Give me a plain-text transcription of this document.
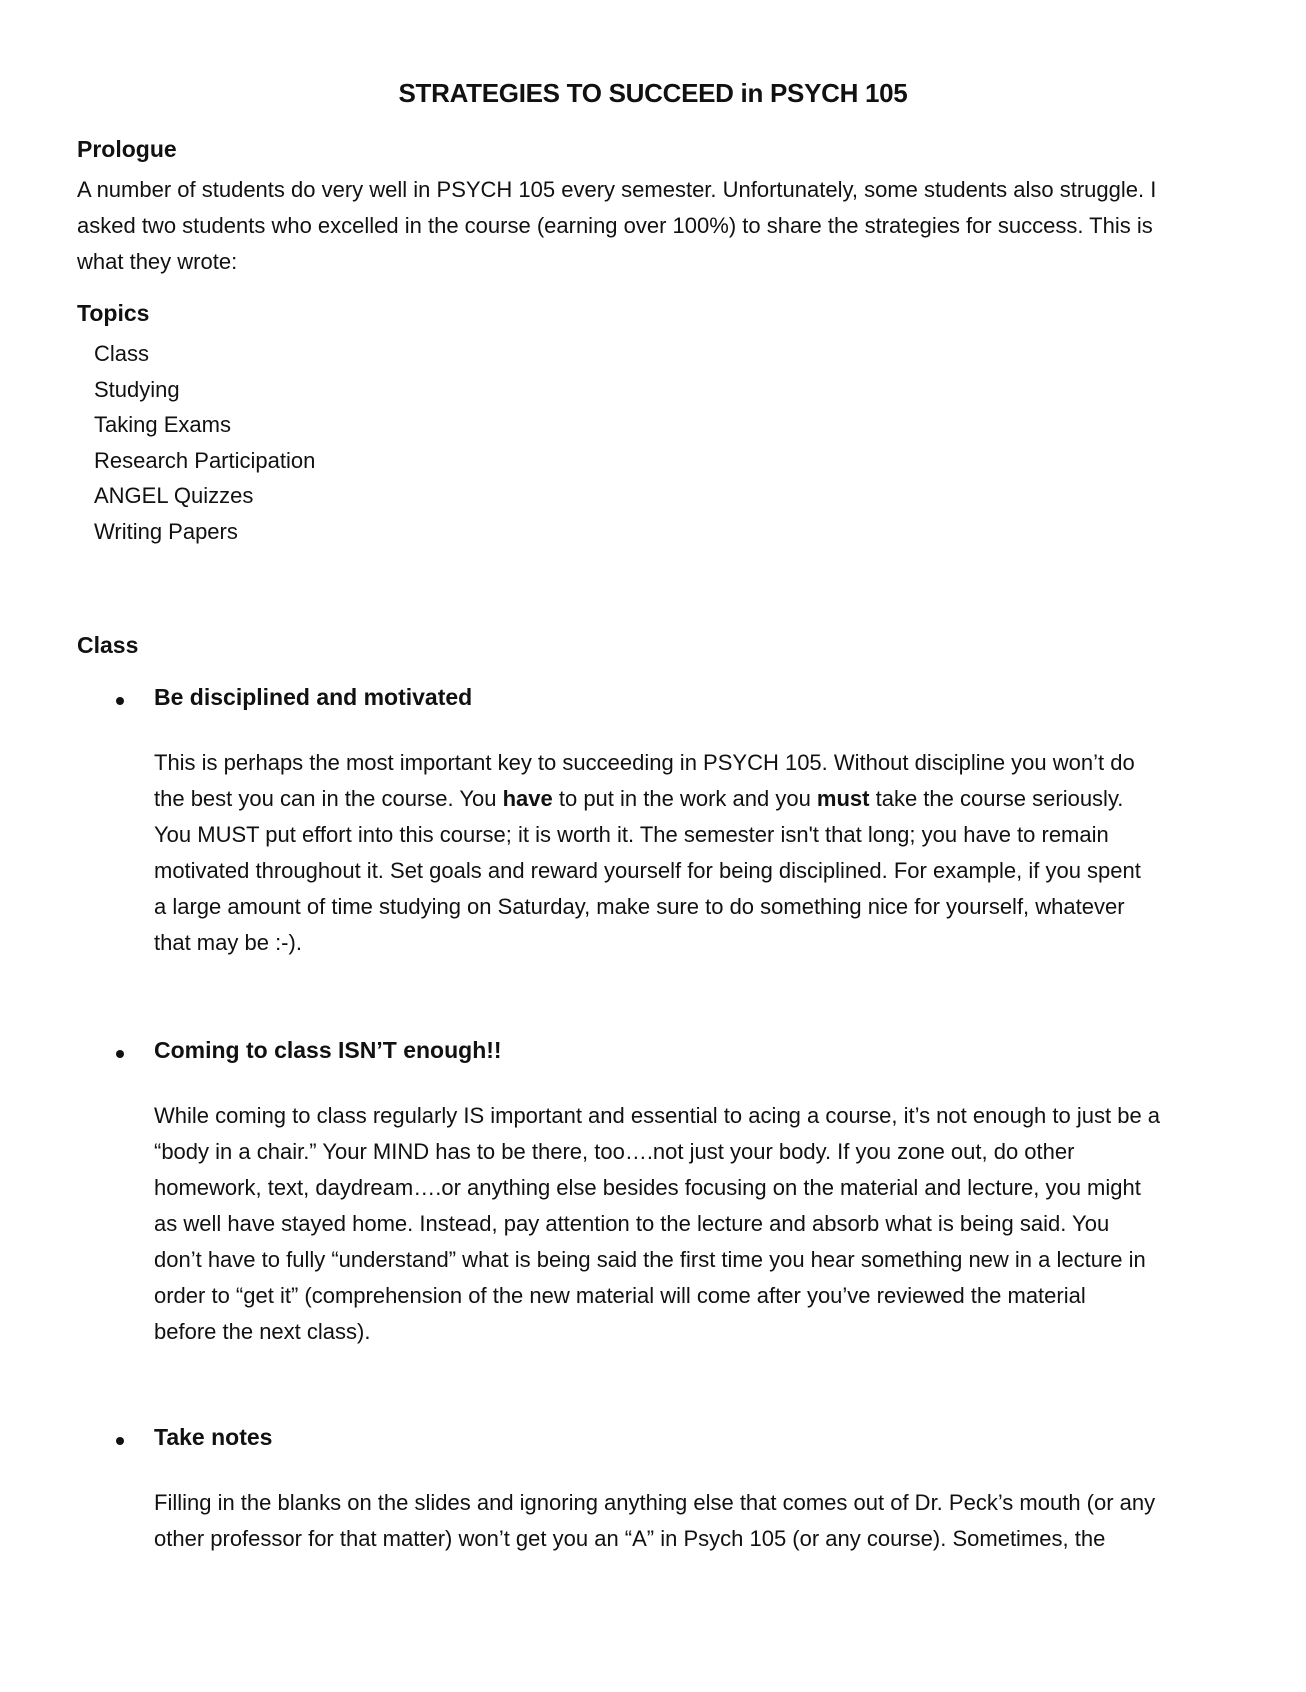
STRATEGIES TO SUCCEED in PSYCH 105
Prologue
A number of students do very well in PSYCH 105 every semester. Unfortunately, some students also struggle. I
asked two students who excelled in the course (earning over 100%) to share the strategies for success. This is
what they wrote:
Topics
Class
Studying
Taking Exams
Research Participation
ANGEL Quizzes
Writing Papers
Class
Be disciplined and motivated
This is perhaps the most important key to succeeding in PSYCH 105. Without discipline you won’t do
the best you can in the course. You have to put in the work and you must take the course seriously.
You MUST put effort into this course; it is worth it. The semester isn't that long; you have to remain
motivated throughout it. Set goals and reward yourself for being disciplined. For example, if you spent
a large amount of time studying on Saturday, make sure to do something nice for yourself, whatever
that may be :-).
Coming to class ISN’T enough!!
While coming to class regularly IS important and essential to acing a course, it’s not enough to just be a
“body in a chair.” Your MIND has to be there, too….not just your body. If you zone out, do other
homework, text, daydream….or anything else besides focusing on the material and lecture, you might
as well have stayed home. Instead, pay attention to the lecture and absorb what is being said. You
don’t have to fully “understand” what is being said the first time you hear something new in a lecture in
order to “get it” (comprehension of the new material will come after you’ve reviewed the material
before the next class).
Take notes
Filling in the blanks on the slides and ignoring anything else that comes out of Dr. Peck’s mouth (or any
other professor for that matter) won’t get you an “A” in Psych 105 (or any course). Sometimes, the
